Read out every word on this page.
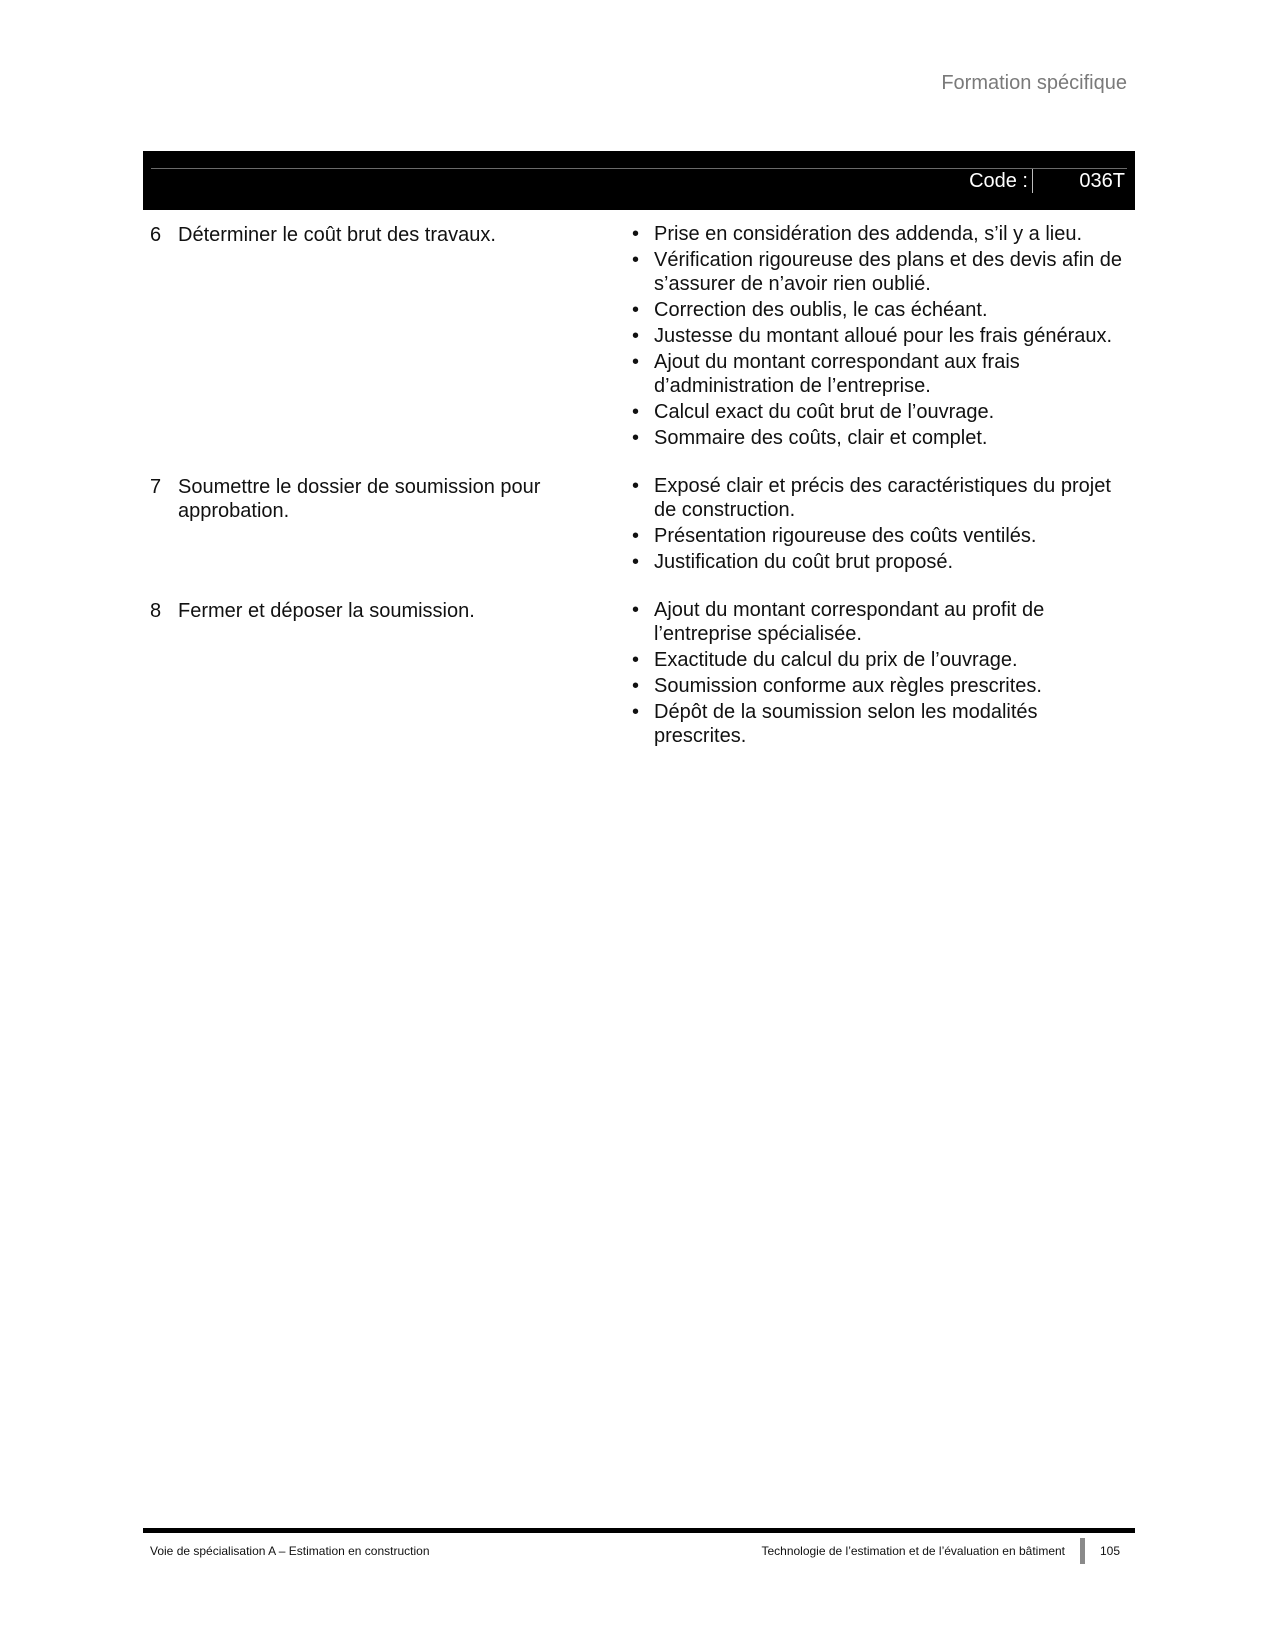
Formation spécifique
Code :	036T
6 Déterminer le coût brut des travaux.	• Prise en considération des addenda, s’il y a lieu.
• Vérification rigoureuse des plans et des devis afin de s’assurer de n’avoir rien oublié.
• Correction des oublis, le cas échéant.
• Justesse du montant alloué pour les frais généraux.
• Ajout du montant correspondant aux frais d’administration de l’entreprise.
• Calcul exact du coût brut de l’ouvrage.
• Sommaire des coûts, clair et complet.
7 Soumettre le dossier de soumission pour approbation.
• Exposé clair et précis des caractéristiques du projet de construction.
• Présentation rigoureuse des coûts ventilés.
• Justification du coût brut proposé.
8 Fermer et déposer la soumission.	• Ajout du montant correspondant au profit de l’entreprise spécialisée.
• Exactitude du calcul du prix de l’ouvrage.
• Soumission conforme aux règles prescrites.
• Dépôt de la soumission selon les modalités prescrites.
Voie de spécialisation A – Estimation en construction	Technologie de l’estimation et de l’évaluation en bâtiment	105
